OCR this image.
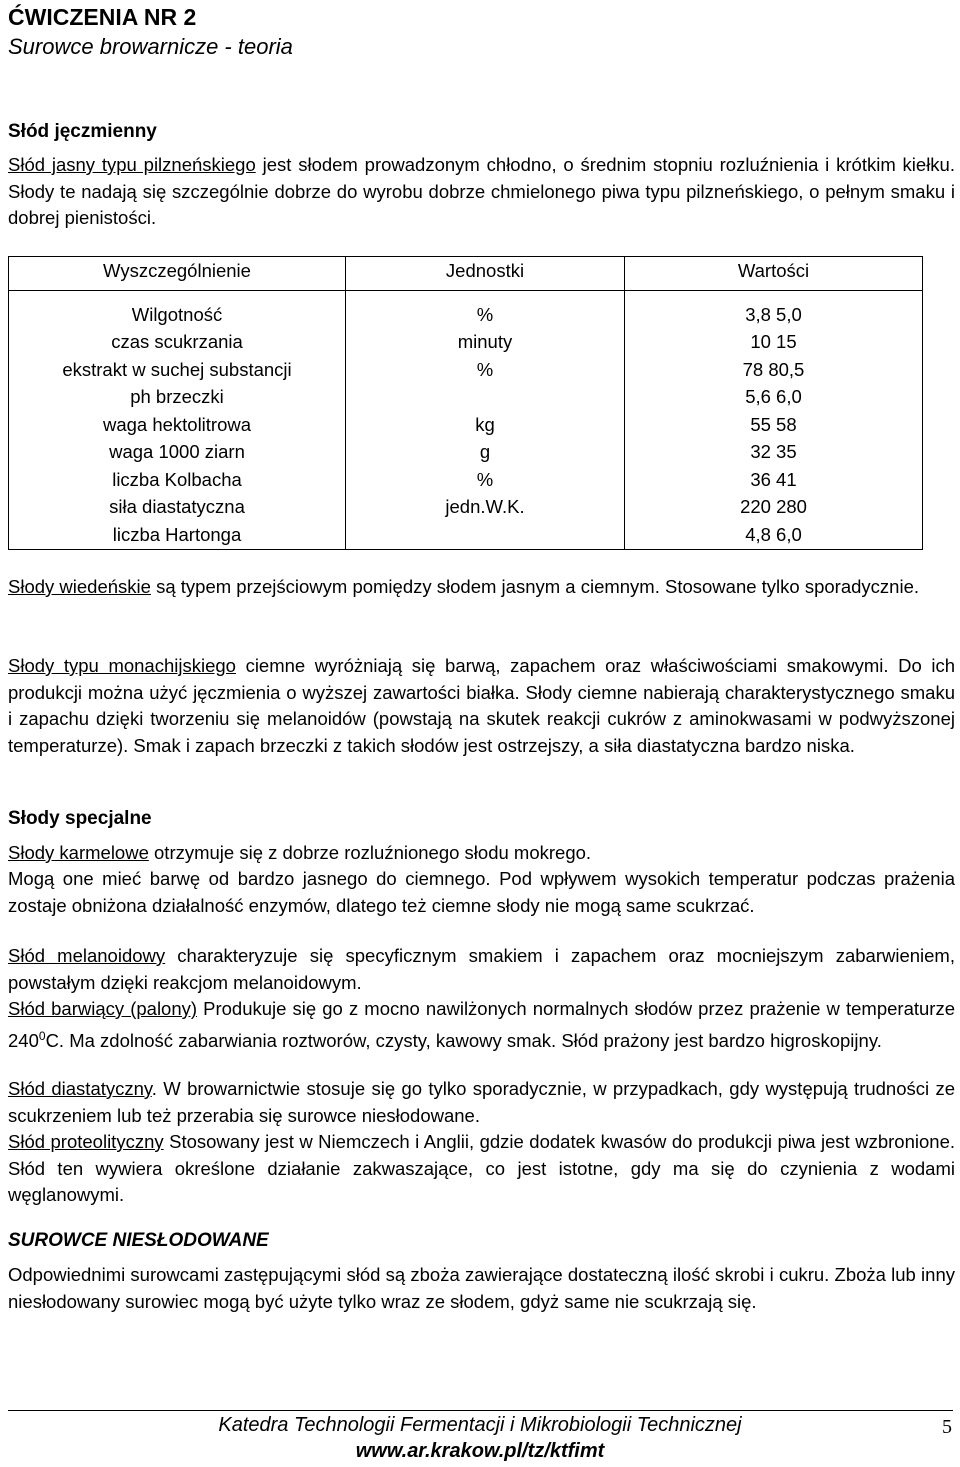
ĆWICZENIA NR 2
Surowce browarnicze - teoria
Słód jęczmienny
Słód jasny typu pilzneńskiego jest słodem prowadzonym chłodno, o średnim stopniu rozluźnienia i krótkim kiełku. Słody te nadają się szczególnie dobrze do wyrobu dobrze chmielonego piwa typu pilzneńskiego, o pełnym smaku i dobrej pienistości.
Wyszczególnienie	Jednostki	Wartości

Wilgotność	%	3,8 5,0
czas scukrzania	minuty	10 15
ekstrakt w suchej substancji	%	78 80,5
ph brzeczki		5,6 6,0
waga hektolitrowa	kg	55 58
waga 1000 ziarn	g	32 35
liczba Kolbacha	%	36 41
siła diastatyczna	jedn.W.K.	220 280
liczba Hartonga		4,8 6,0
Słody wiedeńskie są typem przejściowym pomiędzy słodem jasnym a ciemnym. Stosowane tylko sporadycznie.
Słody typu monachijskiego ciemne wyróżniają się barwą, zapachem oraz właściwościami smakowymi. Do ich produkcji można użyć jęczmienia o wyższej zawartości białka. Słody ciemne nabierają charakterystycznego smaku i zapachu dzięki tworzeniu się melanoidów (powstają na skutek reakcji cukrów z aminokwasami w podwyższonej temperaturze). Smak i zapach brzeczki z takich słodów jest ostrzejszy, a siła diastatyczna bardzo niska.
Słody specjalne
Słody karmelowe otrzymuje się z dobrze rozluźnionego słodu mokrego.
Mogą one mieć barwę od bardzo jasnego do ciemnego. Pod wpływem wysokich temperatur podczas prażenia zostaje obniżona działalność enzymów, dlatego też ciemne słody nie mogą same scukrzać.
Słód melanoidowy charakteryzuje się specyficznym smakiem i zapachem oraz mocniejszym zabarwieniem, powstałym dzięki reakcjom melanoidowym.
Słód barwiący (palony) Produkuje się go z mocno nawilżonych normalnych słodów przez prażenie w temperaturze $240^0C$. Ma zdolność zabarwiania roztworów, czysty, kawowy smak. Słód prażony jest bardzo higroskopijny.
Słód diastatyczny. W browarnictwie stosuje się go tylko sporadycznie, w przypadkach, gdy występują trudności ze scukrzeniem lub też przerabia się surowce niesłodowane.
Słód proteolityczny Stosowany jest w Niemczech i Anglii, gdzie dodatek kwasów do produkcji piwa jest wzbronione. Słód ten wywiera określone działanie zakwaszające, co jest istotne, gdy ma się do czynienia z wodami węglanowymi.
SUROWCE NIESŁODOWANE
Odpowiednimi surowcami zastępującymi słód są zboża zawierające dostateczną ilość skrobi i cukru. Zboża lub inny niesłodowany surowiec mogą być użyte tylko wraz ze słodem, gdyż same nie scukrzają się.
Katedra Technologii Fermentacji i Mikrobiologii Technicznej
www.ar.krakow.pl/tz/ktfimt
5
